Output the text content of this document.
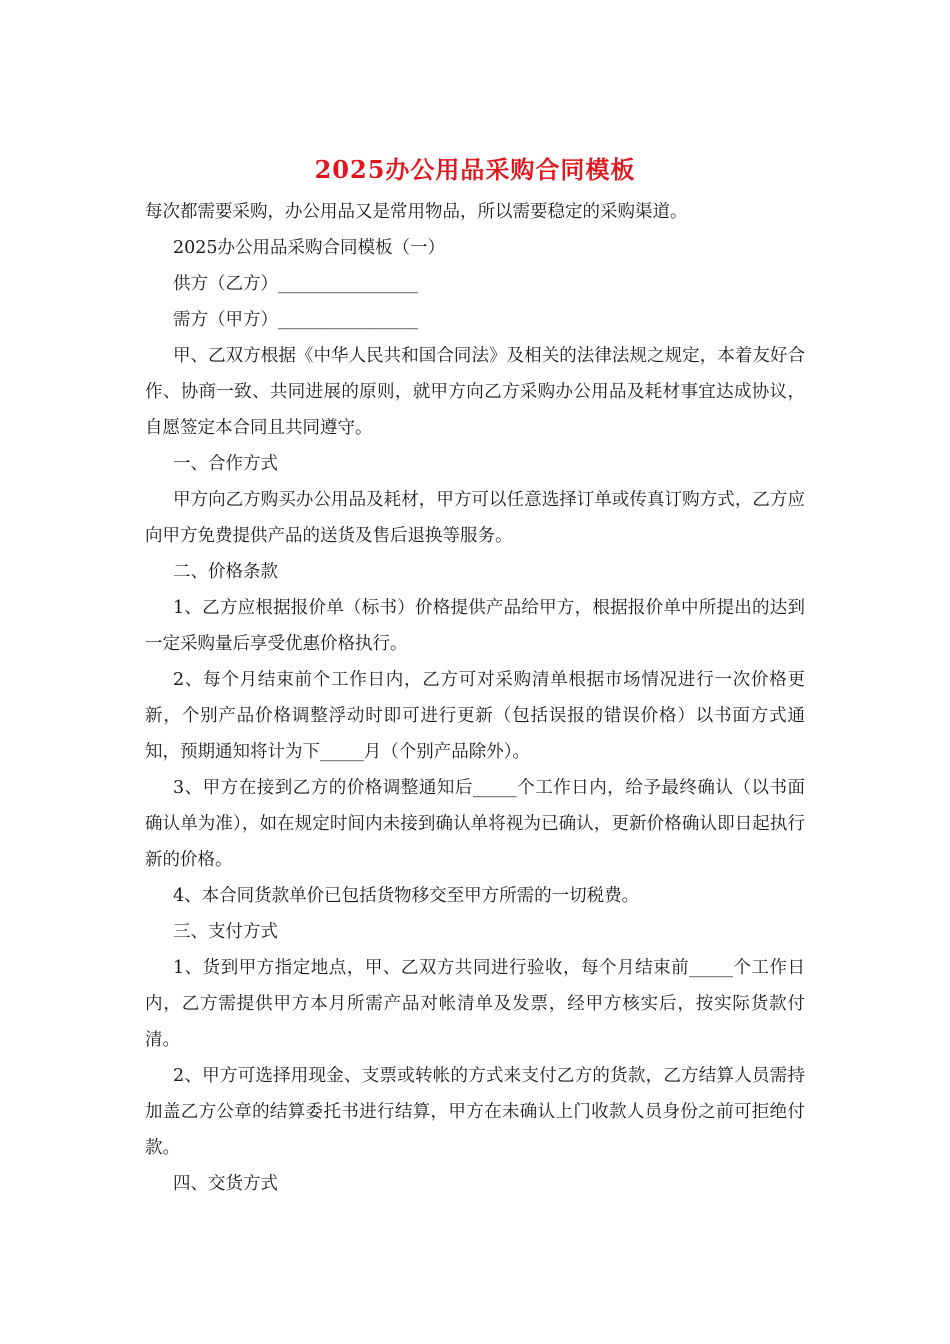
2025办公用品采购合同模板

每次都需要采购，办公用品又是常用物品，所以需要稳定的采购渠道。

2025办公用品采购合同模板（一）

供方（乙方）________________

需方（甲方）________________

甲、乙双方根据《中华人民共和国合同法》及相关的法律法规之规定，本着友好合作、协商一致、共同进展的原则，就甲方向乙方采购办公用品及耗材事宜达成协议，自愿签定本合同且共同遵守。

一、合作方式

甲方向乙方购买办公用品及耗材，甲方可以任意选择订单或传真订购方式，乙方应向甲方免费提供产品的送货及售后退换等服务。

二、价格条款

1、乙方应根据报价单（标书）价格提供产品给甲方，根据报价单中所提出的达到一定采购量后享受优惠价格执行。

2、每个月结束前个工作日内，乙方可对采购清单根据市场情况进行一次价格更新，个别产品价格调整浮动时即可进行更新（包括误报的错误价格）以书面方式通知，预期通知将计为下_____月（个别产品除外）。

3、甲方在接到乙方的价格调整通知后_____个工作日内，给予最终确认（以书面确认单为准），如在规定时间内未接到确认单将视为已确认，更新价格确认即日起执行新的价格。

4、本合同货款单价已包括货物移交至甲方所需的一切税费。

三、支付方式

1、货到甲方指定地点，甲、乙双方共同进行验收，每个月结束前_____个工作日内，乙方需提供甲方本月所需产品对帐清单及发票，经甲方核实后，按实际货款付清。

2、甲方可选择用现金、支票或转帐的方式来支付乙方的货款，乙方结算人员需持加盖乙方公章的结算委托书进行结算，甲方在未确认上门收款人员身份之前可拒绝付款。

四、交货方式
